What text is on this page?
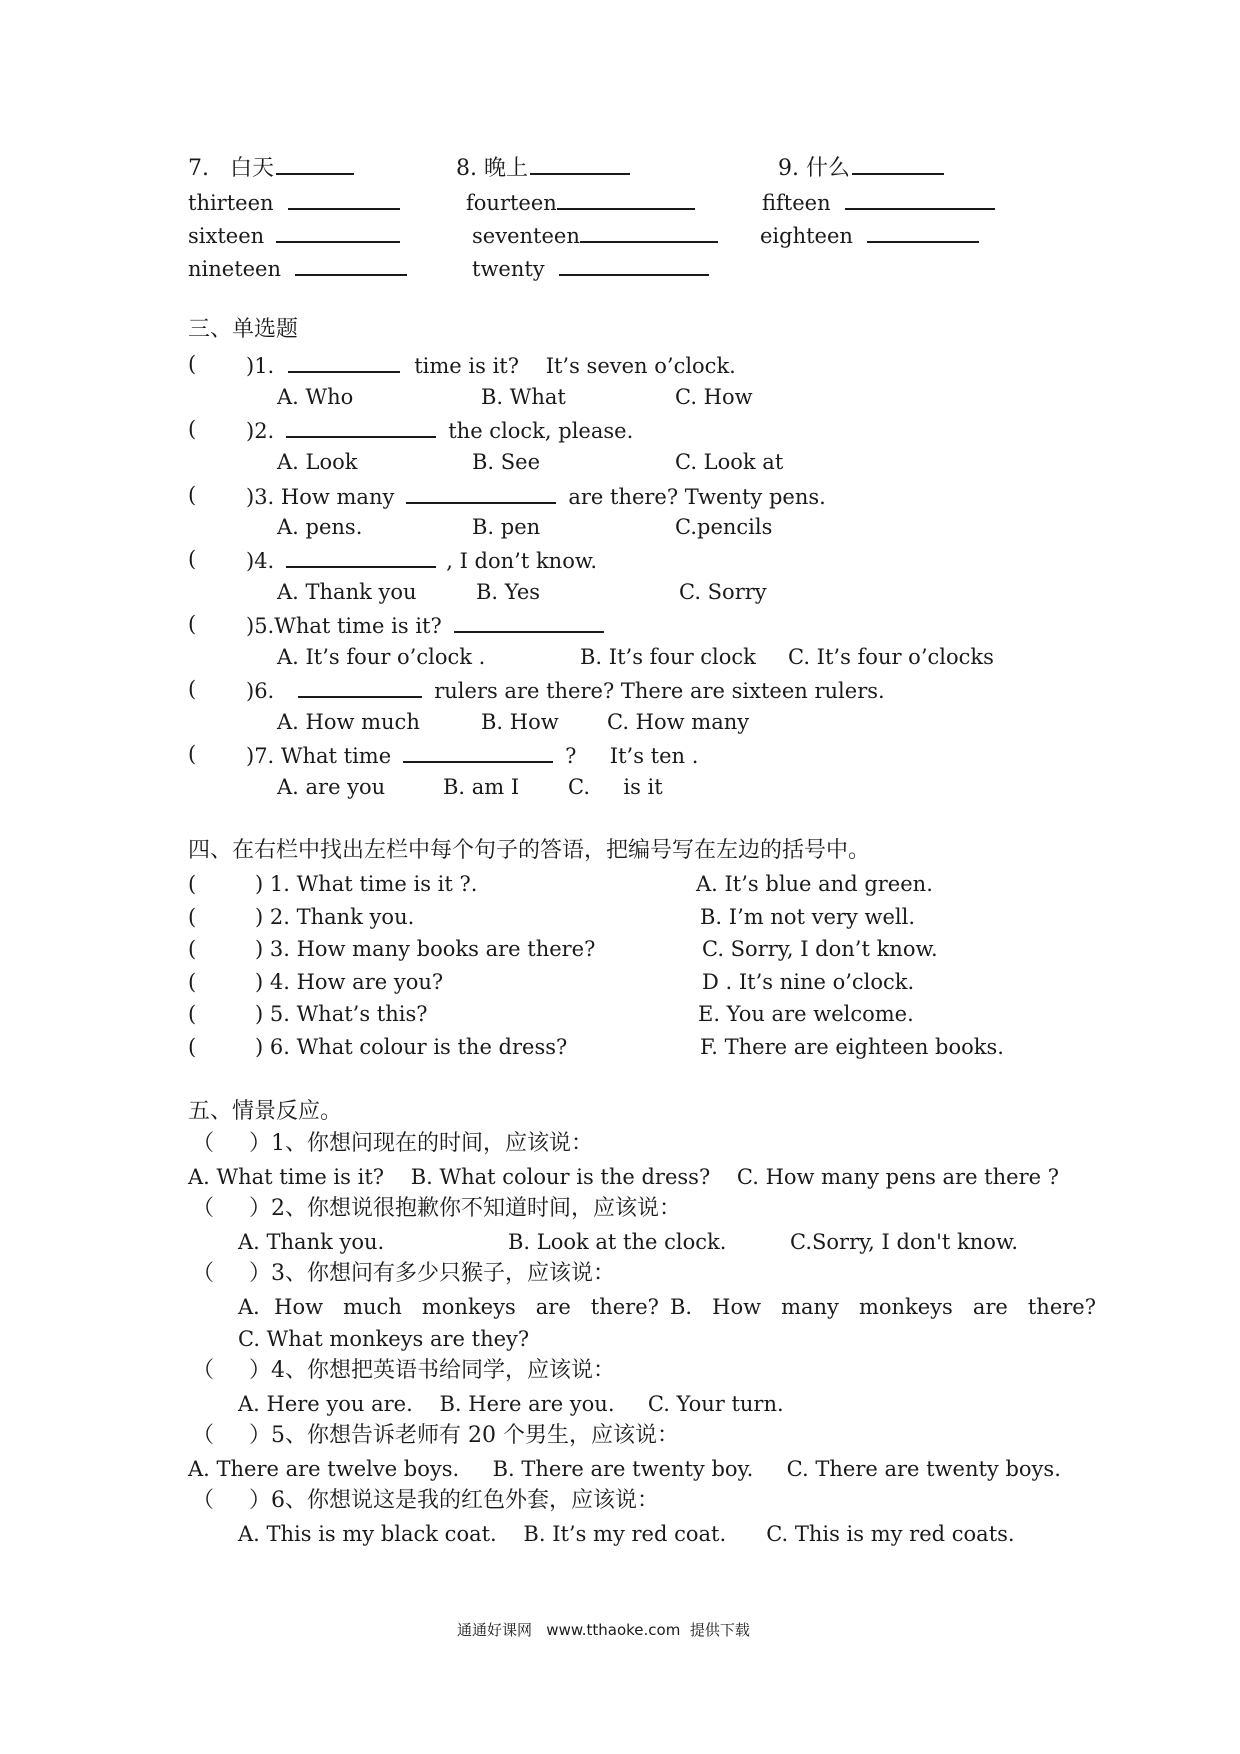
7.   白天	8. 晚上	9. 什么
thirteen	fourteen	fifteen
sixteen	seventeen	eighteen
nineteen	twenty
三、单选题
( )1.	time is it?    It’s seven o’clock.
A. Who	B. What	C. How
( )2.	the clock, please.
A. Look	B. See	C. Look at
( )3. How many	are there? Twenty pens.
A. pens.	B. pen	C.pencils
( )4.	, I don’t know.
A. Thank you	B. Yes	C. Sorry
( )5.What time is it?
A. It’s four o’clock .	B. It’s four clock C. It’s four o’clocks
( )6.	rulers are there? There are sixteen rulers.
A. How much	B. How C. How many
( )7. What time	?     It’s ten .
A. are you	B. am I C.     is it
四、在右栏中找出左栏中每个句子的答语，把编号写在左边的括号中。
(	) 1. What time is it ?.	A. It’s blue and green.
(	) 2. Thank you.	B. I’m not very well.
(	) 3. How many books are there?	C. Sorry, I don’t know.
(	) 4. How are you?	D . It’s nine o’clock.
(	) 5. What’s this?	E. You are welcome.
(	) 6. What colour is the dress?	F. There are eighteen books.
五、情景反应。
（     ）1、你想问现在的时间，应该说：
A. What time is it?    B. What colour is the dress?    C. How many pens are there ?
（     ）2、你想说很抱歉你不知道时间，应该说：
A. Thank you.	B. Look at the clock.	C.Sorry, I don't know.
（     ）3、你想问有多少只猴子，应该说：
A．How   much   monkeys   are   there? B.   How   many   monkeys   are   there?
C. What monkeys are they?
（     ）4、你想把英语书给同学，应该说：
A. Here you are.    B. Here are you.     C. Your turn.
（     ）5、你想告诉老师有 20 个男生，应该说：
A. There are twelve boys.     B. There are twenty boy.     C. There are twenty boys.
（     ）6、你想说这是我的红色外套，应该说：
A. This is my black coat.    B. It’s my red coat.      C. This is my red coats.
通通好课网   www.tthaoke.com  提供下载
